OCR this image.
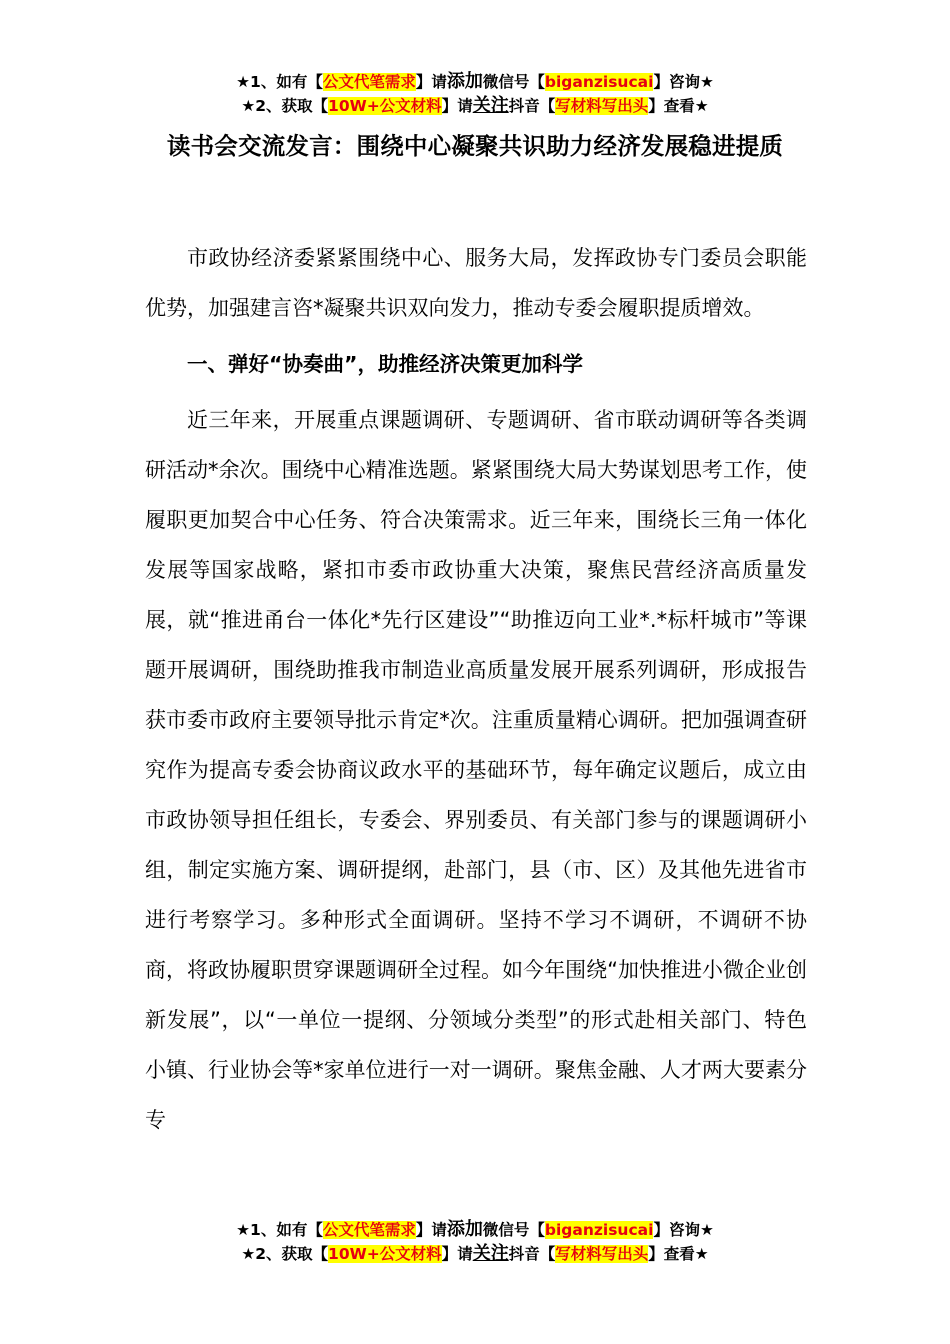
★1、如有【公文代笔需求】请添加微信号【biganzisucai】咨询★
★2、获取【10W+公文材料】请关注抖音【写材料写出头】查看★
读书会交流发言：围绕中心凝聚共识助力经济发展稳进提质

市政协经济委紧紧围绕中心、服务大局，发挥政协专门委员会职能优势，加强建言咨*凝聚共识双向发力，推动专委会履职提质增效。

一、弹好“协奏曲”，助推经济决策更加科学

近三年来，开展重点课题调研、专题调研、省市联动调研等各类调研活动*余次。围绕中心精准选题。紧紧围绕大局大势谋划思考工作，使履职更加契合中心任务、符合决策需求。近三年来，围绕长三角一体化发展等国家战略，紧扣市委市政协重大决策，聚焦民营经济高质量发展，就“推进甬台一体化*先行区建设”“助推迈向工业*.*标杆城市”等课题开展调研，围绕助推我市制造业高质量发展开展系列调研，形成报告获市委市政府主要领导批示肯定*次。注重质量精心调研。把加强调查研究作为提高专委会协商议政水平的基础环节，每年确定议题后，成立由市政协领导担任组长，专委会、界别委员、有关部门参与的课题调研小组，制定实施方案、调研提纲，赴部门，县（市、区）及其他先进省市进行考察学习。多种形式全面调研。坚持不学习不调研，不调研不协商，将政协履职贯穿课题调研全过程。如今年围绕“加快推进小微企业创新发展”，以“一单位一提纲、分领域分类型”的形式赴相关部门、特色小镇、行业协会等*家单位进行一对一调研。聚焦金融、人才两大要素分专

★1、如有【公文代笔需求】请添加微信号【biganzisucai】咨询★
★2、获取【10W+公文材料】请关注抖音【写材料写出头】查看★
